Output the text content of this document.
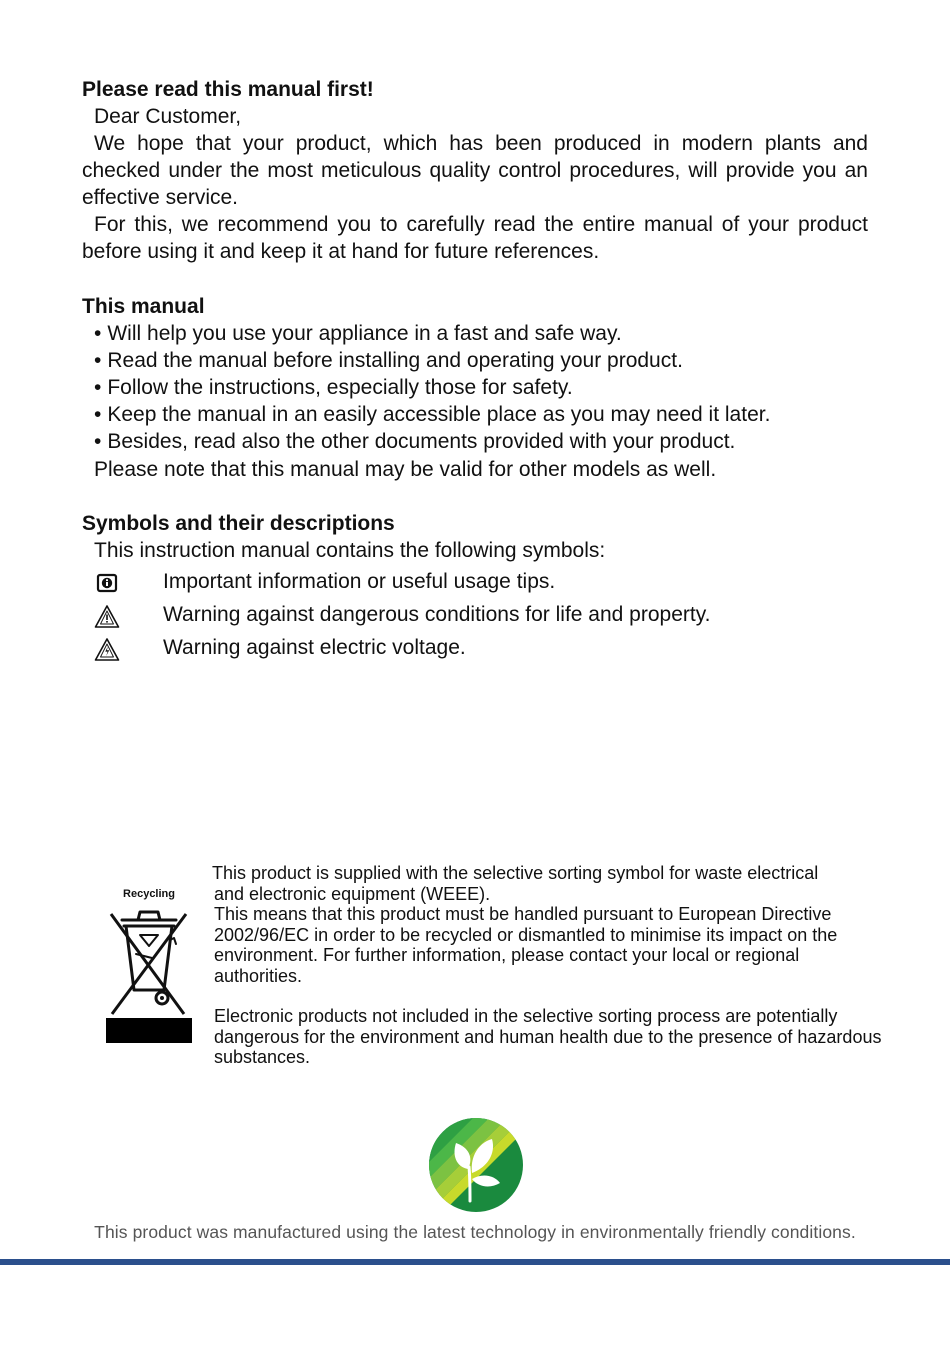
Please read this manual first!
Dear Customer,
We hope that your product, which has been produced in modern plants and checked under the most meticulous quality control procedures, will provide you an effective service.
For this, we recommend you to carefully read the entire manual of your product before using it and keep it at hand for future references.
This manual
• Will help you use your appliance in a fast and safe way.
• Read the manual before installing and operating your product.
• Follow the instructions, especially those for safety.
• Keep the manual in an easily accessible place as you may need it later.
• Besides, read also the other documents provided with your product.
Please note that this manual may be valid for other models as well.
Symbols and their descriptions
This instruction manual contains the following symbols:
Important information or useful usage tips.
Warning against dangerous conditions for life and property.
Warning against electric voltage.
Recycling
This product is supplied with the selective sorting symbol for waste electrical
and electronic equipment (WEEE).
This means that this product must be handled pursuant to European Directive 2002/96/EC in order to be recycled or dismantled to minimise its impact on the environment. For further information, please contact your local or regional authorities.
Electronic products not included in the selective sorting process are potentially dangerous for the environment and human health due to the presence of hazardous substances.
This product was manufactured using the latest technology in environmentally friendly conditions.
